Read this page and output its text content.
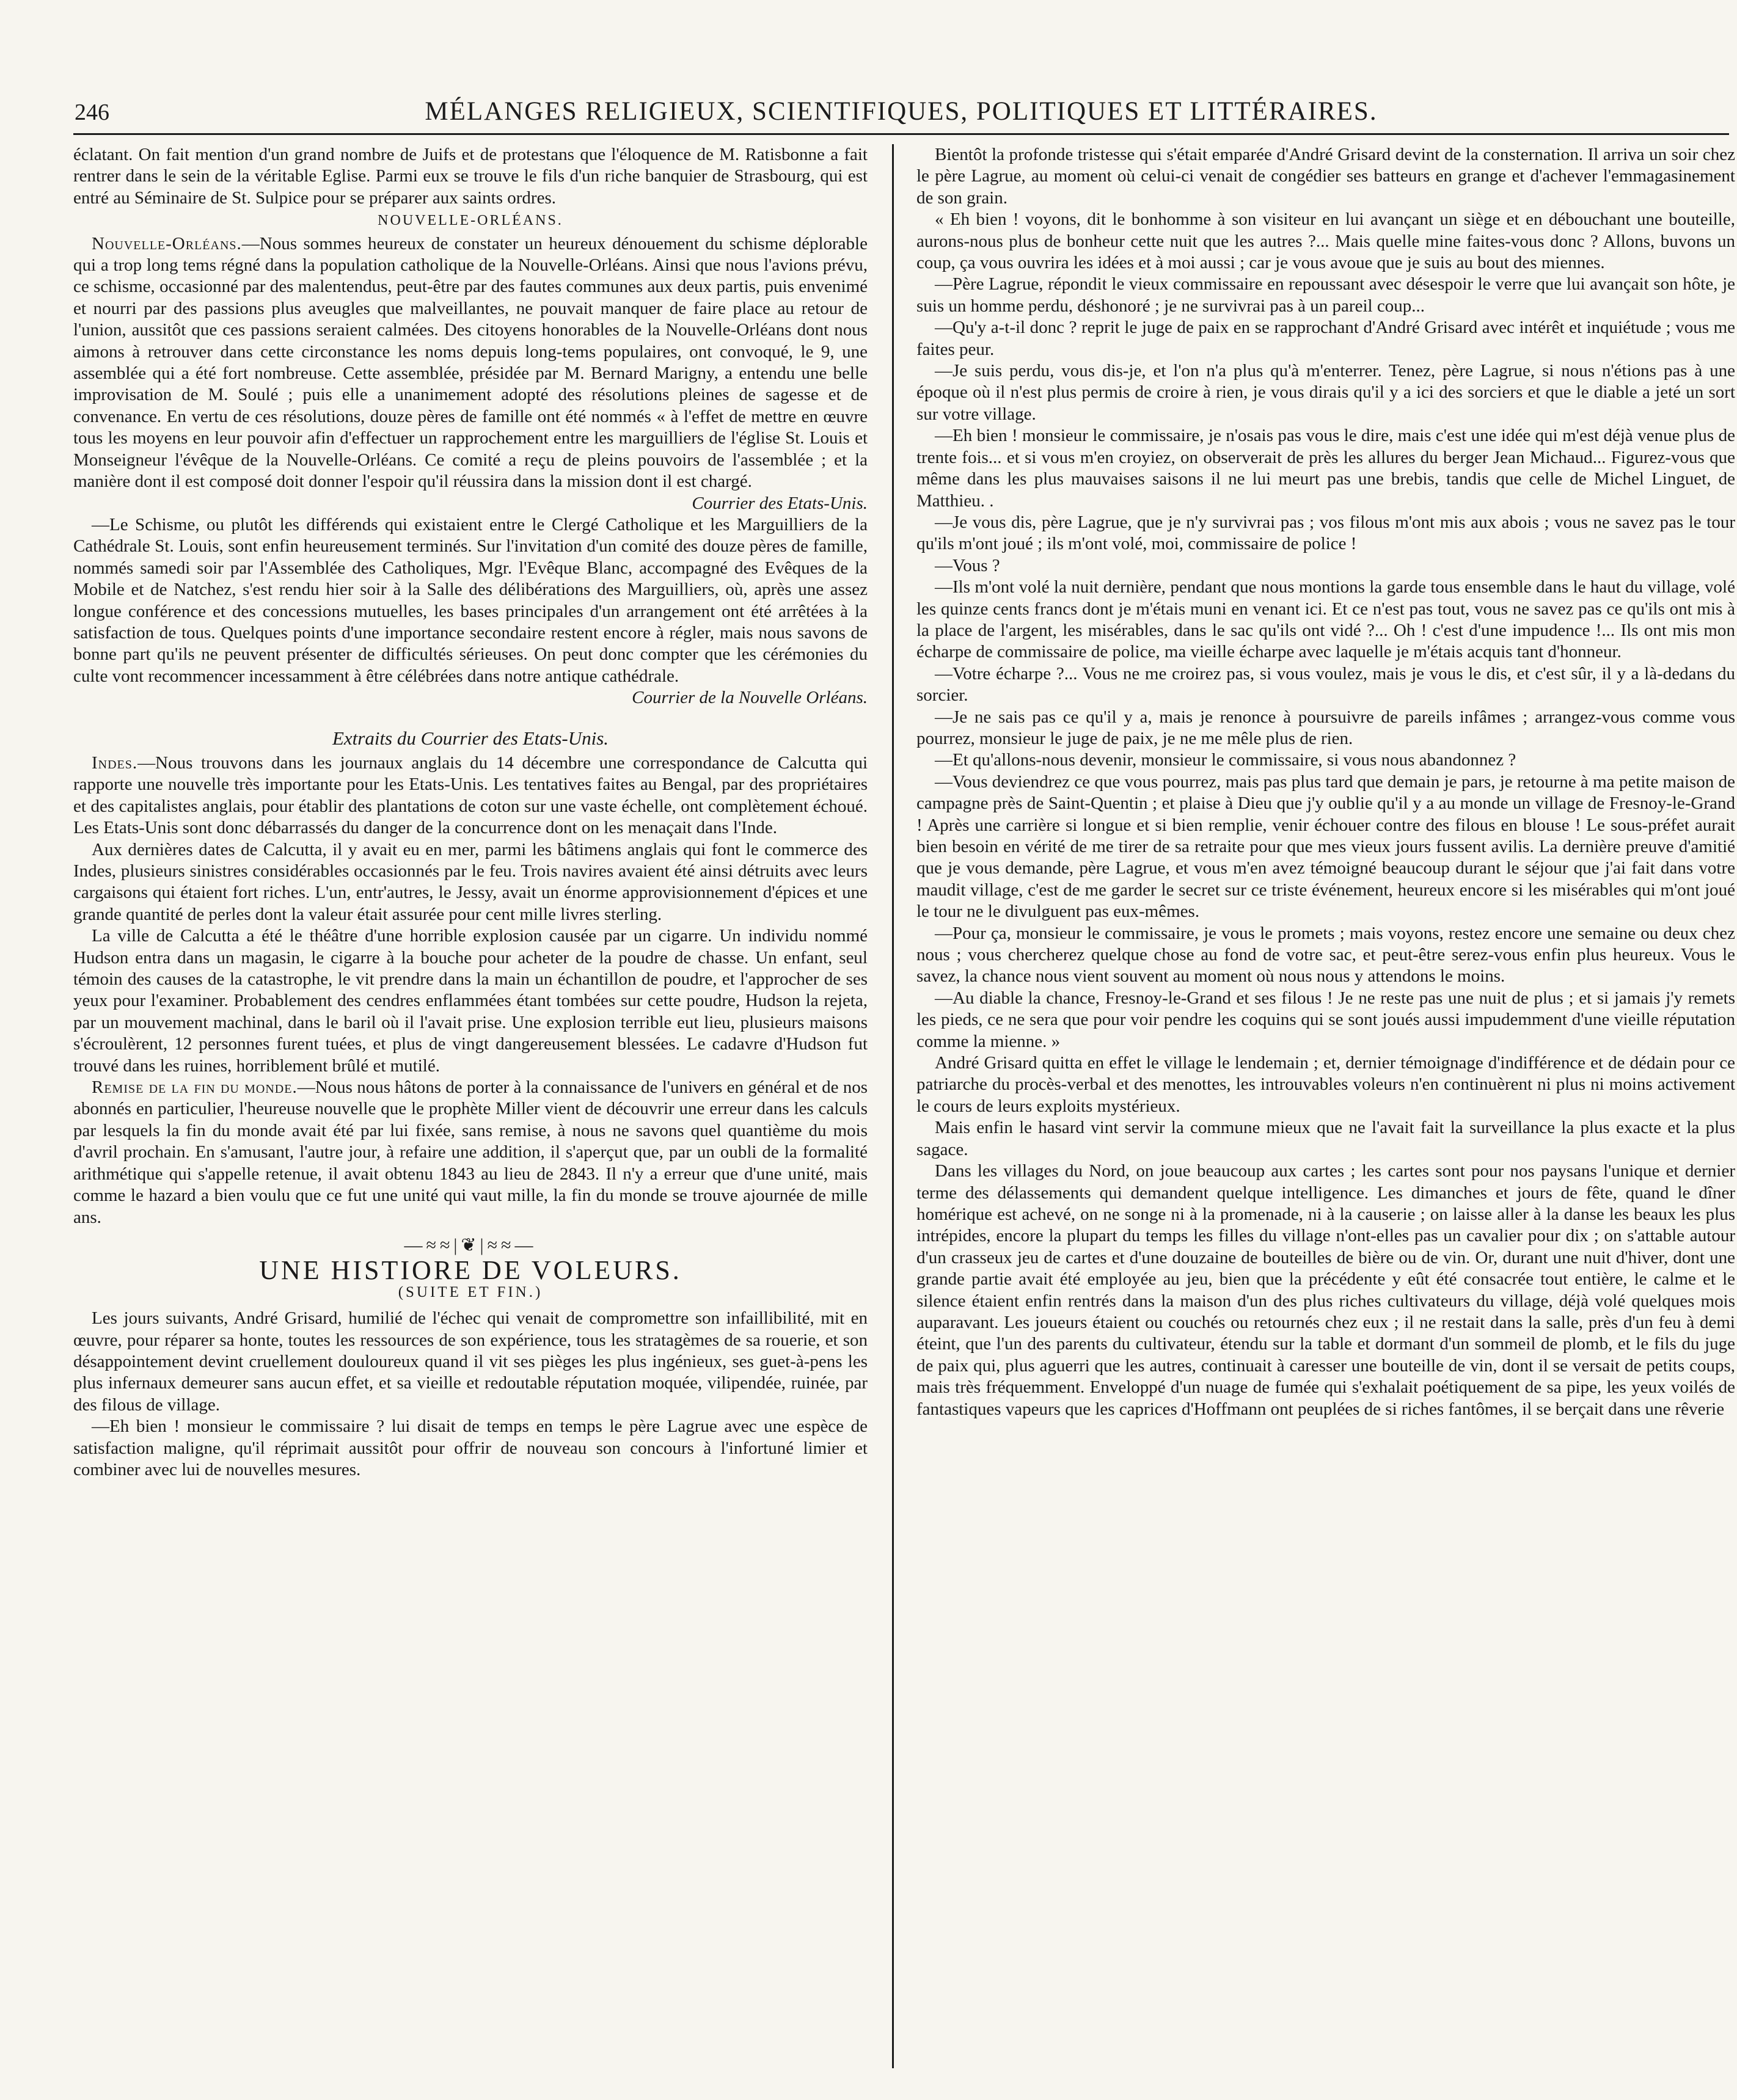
246	MÉLANGES RELIGIEUX, SCIENTIFIQUES, POLITIQUES ET LITTÉRAIRES.

éclatant. On fait mention d'un grand nombre de Juifs et de protestans que l'éloquence de M. Ratisbonne a fait rentrer dans le sein de la véritable Eglise. Parmi eux se trouve le fils d'un riche banquier de Strasbourg, qui est entré au Séminaire de St. Sulpice pour se préparer aux saints ordres.

NOUVELLE-ORLÉANS.

Nouvelle-Orléans.—Nous sommes heureux de constater un heureux dénouement du schisme déplorable qui a trop long tems régné dans la population catholique de la Nouvelle-Orléans. Ainsi que nous l'avions prévu, ce schisme, occasionné par des malentendus, peut-être par des fautes communes aux deux partis, puis envenimé et nourri par des passions plus aveugles que malveillantes, ne pouvait manquer de faire place au retour de l'union, aussitôt que ces passions seraient calmées. Des citoyens honorables de la Nouvelle-Orléans dont nous aimons à retrouver dans cette circonstance les noms depuis long-tems populaires, ont convoqué, le 9, une assemblée qui a été fort nombreuse. Cette assemblée, présidée par M. Bernard Marigny, a entendu une belle improvisation de M. Soulé ; puis elle a unanimement adopté des résolutions pleines de sagesse et de convenance. En vertu de ces résolutions, douze pères de famille ont été nommés « à l'effet de mettre en œuvre tous les moyens en leur pouvoir afin d'effectuer un rapprochement entre les marguilliers de l'église St. Louis et Monseigneur l'évêque de la Nouvelle-Orléans. Ce comité a reçu de pleins pouvoirs de l'assemblée ; et la manière dont il est composé doit donner l'espoir qu'il réussira dans la mission dont il est chargé.

Courrier des Etats-Unis.

—Le Schisme, ou plutôt les différends qui existaient entre le Clergé Catholique et les Marguilliers de la Cathédrale St. Louis, sont enfin heureusement terminés. Sur l'invitation d'un comité des douze pères de famille, nommés samedi soir par l'Assemblée des Catholiques, Mgr. l'Evêque Blanc, accompagné des Evêques de la Mobile et de Natchez, s'est rendu hier soir à la Salle des délibérations des Marguilliers, où, après une assez longue conférence et des concessions mutuelles, les bases principales d'un arrangement ont été arrêtées à la satisfaction de tous. Quelques points d'une importance secondaire restent encore à régler, mais nous savons de bonne part qu'ils ne peuvent présenter de difficultés sérieuses. On peut donc compter que les cérémonies du culte vont recommencer incessamment à être célébrées dans notre antique cathédrale.

Courrier de la Nouvelle Orléans.

Extraits du Courrier des Etats-Unis.

Indes.—Nous trouvons dans les journaux anglais du 14 décembre une correspondance de Calcutta qui rapporte une nouvelle très importante pour les Etats-Unis. Les tentatives faites au Bengal, par des propriétaires et des capitalistes anglais, pour établir des plantations de coton sur une vaste échelle, ont complètement échoué. Les Etats-Unis sont donc débarrassés du danger de la concurrence dont on les menaçait dans l'Inde.

Aux dernières dates de Calcutta, il y avait eu en mer, parmi les bâtimens anglais qui font le commerce des Indes, plusieurs sinistres considérables occasionnés par le feu. Trois navires avaient été ainsi détruits avec leurs cargaisons qui étaient fort riches. L'un, entr'autres, le Jessy, avait un énorme approvisionnement d'épices et une grande quantité de perles dont la valeur était assurée pour cent mille livres sterling.

La ville de Calcutta a été le théâtre d'une horrible explosion causée par un cigarre. Un individu nommé Hudson entra dans un magasin, le cigarre à la bouche pour acheter de la poudre de chasse. Un enfant, seul témoin des causes de la catastrophe, le vit prendre dans la main un échantillon de poudre, et l'approcher de ses yeux pour l'examiner. Probablement des cendres enflammées étant tombées sur cette poudre, Hudson la rejeta, par un mouvement machinal, dans le baril où il l'avait prise. Une explosion terrible eut lieu, plusieurs maisons s'écroulèrent, 12 personnes furent tuées, et plus de vingt dangereusement blessées. Le cadavre d'Hudson fut trouvé dans les ruines, horriblement brûlé et mutilé.

Remise de la fin du monde.—Nous nous hâtons de porter à la connaissance de l'univers en général et de nos abonnés en particulier, l'heureuse nouvelle que le prophète Miller vient de découvrir une erreur dans les calculs par lesquels la fin du monde avait été par lui fixée, sans remise, à nous ne savons quel quantième du mois d'avril prochain. En s'amusant, l'autre jour, à refaire une addition, il s'aperçut que, par un oubli de la formalité arithmétique qui s'appelle retenue, il avait obtenu 1843 au lieu de 2843. Il n'y a erreur que d'une unité, mais comme le hazard a bien voulu que ce fut une unité qui vaut mille, la fin du monde se trouve ajournée de mille ans.

—≈≈|❦|≈≈—
UNE HISTIORE DE VOLEURS.
(SUITE ET FIN.)

Les jours suivants, André Grisard, humilié de l'échec qui venait de compromettre son infaillibilité, mit en œuvre, pour réparer sa honte, toutes les ressources de son expérience, tous les stratagèmes de sa rouerie, et son désappointement devint cruellement douloureux quand il vit ses pièges les plus ingénieux, ses guet-à-pens les plus infernaux demeurer sans aucun effet, et sa vieille et redoutable réputation moquée, vilipendée, ruinée, par des filous de village.

—Eh bien ! monsieur le commissaire ? lui disait de temps en temps le père Lagrue avec une espèce de satisfaction maligne, qu'il réprimait aussitôt pour offrir de nouveau son concours à l'infortuné limier et combiner avec lui de nouvelles mesures.

Bientôt la profonde tristesse qui s'était emparée d'André Grisard devint de la consternation. Il arriva un soir chez le père Lagrue, au moment où celui-ci venait de congédier ses batteurs en grange et d'achever l'emmagasinement de son grain.

« Eh bien ! voyons, dit le bonhomme à son visiteur en lui avançant un siège et en débouchant une bouteille, aurons-nous plus de bonheur cette nuit que les autres ?... Mais quelle mine faites-vous donc ? Allons, buvons un coup, ça vous ouvrira les idées et à moi aussi ; car je vous avoue que je suis au bout des miennes.

—Père Lagrue, répondit le vieux commissaire en repoussant avec désespoir le verre que lui avançait son hôte, je suis un homme perdu, déshonoré ; je ne survivrai pas à un pareil coup...

—Qu'y a-t-il donc ? reprit le juge de paix en se rapprochant d'André Grisard avec intérêt et inquiétude ; vous me faites peur.

—Je suis perdu, vous dis-je, et l'on n'a plus qu'à m'enterrer. Tenez, père Lagrue, si nous n'étions pas à une époque où il n'est plus permis de croire à rien, je vous dirais qu'il y a ici des sorciers et que le diable a jeté un sort sur votre village.

—Eh bien ! monsieur le commissaire, je n'osais pas vous le dire, mais c'est une idée qui m'est déjà venue plus de trente fois... et si vous m'en croyiez, on observerait de près les allures du berger Jean Michaud... Figurez-vous que même dans les plus mauvaises saisons il ne lui meurt pas une brebis, tandis que celle de Michel Linguet, de Matthieu. .

—Je vous dis, père Lagrue, que je n'y survivrai pas ; vos filous m'ont mis aux abois ; vous ne savez pas le tour qu'ils m'ont joué ; ils m'ont volé, moi, commissaire de police !

—Vous ?

—Ils m'ont volé la nuit dernière, pendant que nous montions la garde tous ensemble dans le haut du village, volé les quinze cents francs dont je m'étais muni en venant ici. Et ce n'est pas tout, vous ne savez pas ce qu'ils ont mis à la place de l'argent, les misérables, dans le sac qu'ils ont vidé ?... Oh ! c'est d'une impudence !... Ils ont mis mon écharpe de commissaire de police, ma vieille écharpe avec laquelle je m'étais acquis tant d'honneur.

—Votre écharpe ?... Vous ne me croirez pas, si vous voulez, mais je vous le dis, et c'est sûr, il y a là-dedans du sorcier.

—Je ne sais pas ce qu'il y a, mais je renonce à poursuivre de pareils infâmes ; arrangez-vous comme vous pourrez, monsieur le juge de paix, je ne me mêle plus de rien.

—Et qu'allons-nous devenir, monsieur le commissaire, si vous nous abandonnez ?

—Vous deviendrez ce que vous pourrez, mais pas plus tard que demain je pars, je retourne à ma petite maison de campagne près de Saint-Quentin ; et plaise à Dieu que j'y oublie qu'il y a au monde un village de Fresnoy-le-Grand ! Après une carrière si longue et si bien remplie, venir échouer contre des filous en blouse ! Le sous-préfet aurait bien besoin en vérité de me tirer de sa retraite pour que mes vieux jours fussent avilis. La dernière preuve d'amitié que je vous demande, père Lagrue, et vous m'en avez témoigné beaucoup durant le séjour que j'ai fait dans votre maudit village, c'est de me garder le secret sur ce triste événement, heureux encore si les misérables qui m'ont joué le tour ne le divulguent pas eux-mêmes.

—Pour ça, monsieur le commissaire, je vous le promets ; mais voyons, restez encore une semaine ou deux chez nous ; vous chercherez quelque chose au fond de votre sac, et peut-être serez-vous enfin plus heureux. Vous le savez, la chance nous vient souvent au moment où nous nous y attendons le moins.

—Au diable la chance, Fresnoy-le-Grand et ses filous ! Je ne reste pas une nuit de plus ; et si jamais j'y remets les pieds, ce ne sera que pour voir pendre les coquins qui se sont joués aussi impudemment d'une vieille réputation comme la mienne. »

André Grisard quitta en effet le village le lendemain ; et, dernier témoignage d'indifférence et de dédain pour ce patriarche du procès-verbal et des menottes, les introuvables voleurs n'en continuèrent ni plus ni moins activement le cours de leurs exploits mystérieux.

Mais enfin le hasard vint servir la commune mieux que ne l'avait fait la surveillance la plus exacte et la plus sagace.

Dans les villages du Nord, on joue beaucoup aux cartes ; les cartes sont pour nos paysans l'unique et dernier terme des délassements qui demandent quelque intelligence. Les dimanches et jours de fête, quand le dîner homérique est achevé, on ne songe ni à la promenade, ni à la causerie ; on laisse aller à la danse les beaux les plus intrépides, encore la plupart du temps les filles du village n'ont-elles pas un cavalier pour dix ; on s'attable autour d'un crasseux jeu de cartes et d'une douzaine de bouteilles de bière ou de vin. Or, durant une nuit d'hiver, dont une grande partie avait été employée au jeu, bien que la précédente y eût été consacrée tout entière, le calme et le silence étaient enfin rentrés dans la maison d'un des plus riches cultivateurs du village, déjà volé quelques mois auparavant. Les joueurs étaient ou couchés ou retournés chez eux ; il ne restait dans la salle, près d'un feu à demi éteint, que l'un des parents du cultivateur, étendu sur la table et dormant d'un sommeil de plomb, et le fils du juge de paix qui, plus aguerri que les autres, continuait à caresser une bouteille de vin, dont il se versait de petits coups, mais très fréquemment. Enveloppé d'un nuage de fumée qui s'exhalait poétiquement de sa pipe, les yeux voilés de fantastiques vapeurs que les caprices d'Hoffmann ont peuplées de si riches fantômes, il se berçait dans une rêverie
